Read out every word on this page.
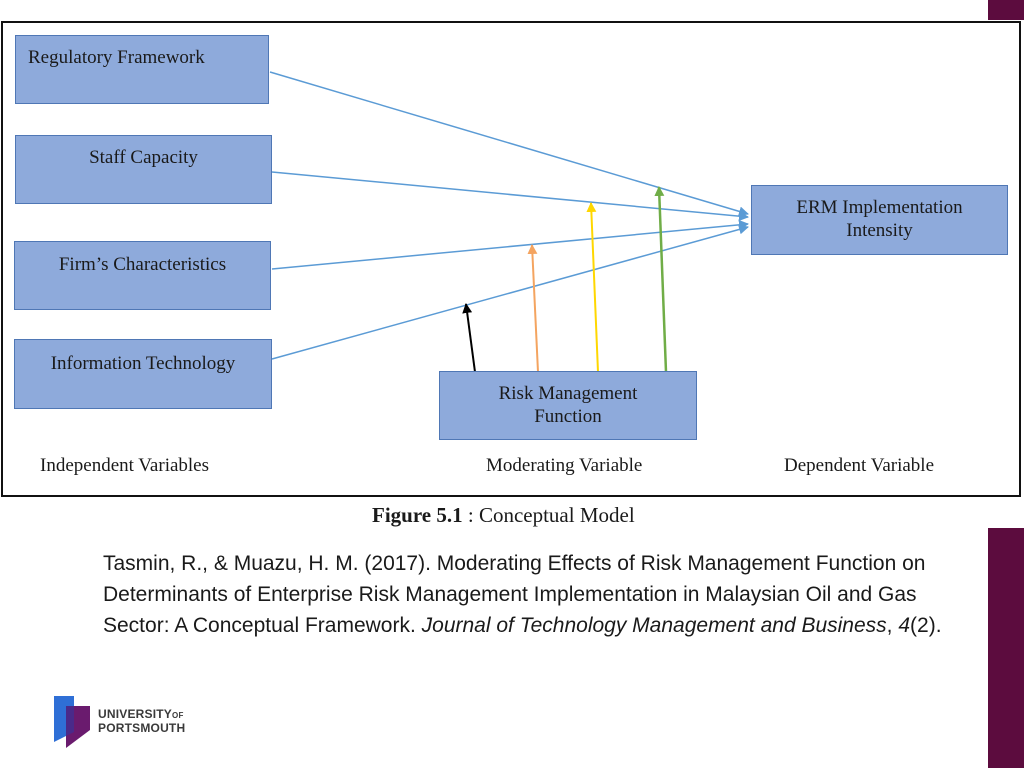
Regulatory Framework
Staff Capacity
Firm’s Characteristics
Information Technology
ERM Implementation Intensity
Risk Management Function
Independent Variables	Moderating Variable	Dependent Variable
Figure 5.1 : Conceptual Model
Tasmin, R., & Muazu, H. M. (2017). Moderating Effects of Risk Management Function on Determinants of Enterprise Risk Management Implementation in Malaysian Oil and Gas Sector: A Conceptual Framework. Journal of Technology Management and Business, 4(2).
UNIVERSITYOF
PORTSMOUTH
